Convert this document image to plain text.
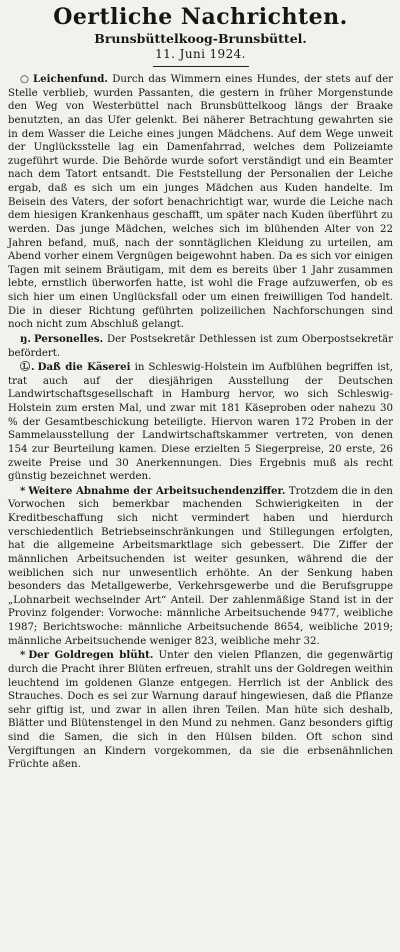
Oertliche Nachrichten.
Brunsbüttelkoog-Brunsbüttel.
11. Juni 1924.

○ Leichenfund. Durch das Wimmern eines Hundes, der stets auf der Stelle verblieb, wurden Passanten, die gestern in früher Morgenstunde den Weg von Westerbüttel nach Brunsbüttelkoog längs der Braake benutzten, an das Ufer gelenkt. Bei näherer Betrachtung gewahrten sie in dem Wasser die Leiche eines jungen Mädchens. Auf dem Wege unweit der Unglücksstelle lag ein Damenfahrrad, welches dem Polizeiamte zugeführt wurde. Die Behörde wurde sofort verständigt und ein Beamter nach dem Tatort entsandt. Die Feststellung der Personalien der Leiche ergab, daß es sich um ein junges Mädchen aus Kuden handelte. Im Beisein des Vaters, der sofort benachrichtigt war, wurde die Leiche nach dem hiesigen Krankenhaus geschafft, um später nach Kuden überführt zu werden. Das junge Mädchen, welches sich im blühenden Alter von 22 Jahren befand, muß, nach der sonntäglichen Kleidung zu urteilen, am Abend vorher einem Vergnügen beigewohnt haben. Da es sich vor einigen Tagen mit seinem Bräutigam, mit dem es bereits über 1 Jahr zusammen lebte, ernstlich überworfen hatte, ist wohl die Frage aufzuwerfen, ob es sich hier um einen Unglücksfall oder um einen freiwilligen Tod handelt. Die in dieser Richtung geführten polizeilichen Nachforschungen sind noch nicht zum Abschluß gelangt.

ŋ. Personelles. Der Postsekretär Dethlessen ist zum Oberpostsekretär befördert.

Ⓛ. Daß die Käserei in Schleswig-Holstein im Aufblühen begriffen ist, trat auch auf der diesjährigen Ausstellung der Deutschen Landwirtschaftsgesellschaft in Hamburg hervor, wo sich Schleswig-Holstein zum ersten Mal, und zwar mit 181 Käseproben oder nahezu 30 % der Gesamtbeschickung beteiligte. Hiervon waren 172 Proben in der Sammelausstellung der Landwirtschaftskammer vertreten, von denen 154 zur Beurteilung kamen. Diese erzielten 5 Siegerpreise, 20 erste, 26 zweite Preise und 30 Anerkennungen. Dies Ergebnis muß als recht günstig bezeichnet werden.

* Weitere Abnahme der Arbeitsuchendenziffer. Trotzdem die in den Vorwochen sich bemerkbar machenden Schwierigkeiten in der Kreditbeschaffung sich nicht vermindert haben und hierdurch verschiedentlich Betriebseinschränkungen und Stillegungen erfolgten, hat die allgemeine Arbeitsmarktlage sich gebessert. Die Ziffer der männlichen Arbeitsuchenden ist weiter gesunken, während die der weiblichen sich nur unwesentlich erhöhte. An der Senkung haben besonders das Metallgewerbe, Verkehrsgewerbe und die Berufsgruppe „Lohnarbeit wechselnder Art“ Anteil. Der zahlenmäßige Stand ist in der Provinz folgender: Vorwoche: männliche Arbeitsuchende 9477, weibliche 1987; Berichtswoche: männliche Arbeitsuchende 8654, weibliche 2019; männliche Arbeitsuchende weniger 823, weibliche mehr 32.

* Der Goldregen blüht. Unter den vielen Pflanzen, die gegenwärtig durch die Pracht ihrer Blüten erfreuen, strahlt uns der Goldregen weithin leuchtend im goldenen Glanze entgegen. Herrlich ist der Anblick des Strauches. Doch es sei zur Warnung darauf hingewiesen, daß die Pflanze sehr giftig ist, und zwar in allen ihren Teilen. Man hüte sich deshalb, Blätter und Blütenstengel in den Mund zu nehmen. Ganz besonders giftig sind die Samen, die sich in den Hülsen bilden. Oft schon sind Vergiftungen an Kindern vorgekommen, da sie die erbsenähnlichen Früchte aßen.
